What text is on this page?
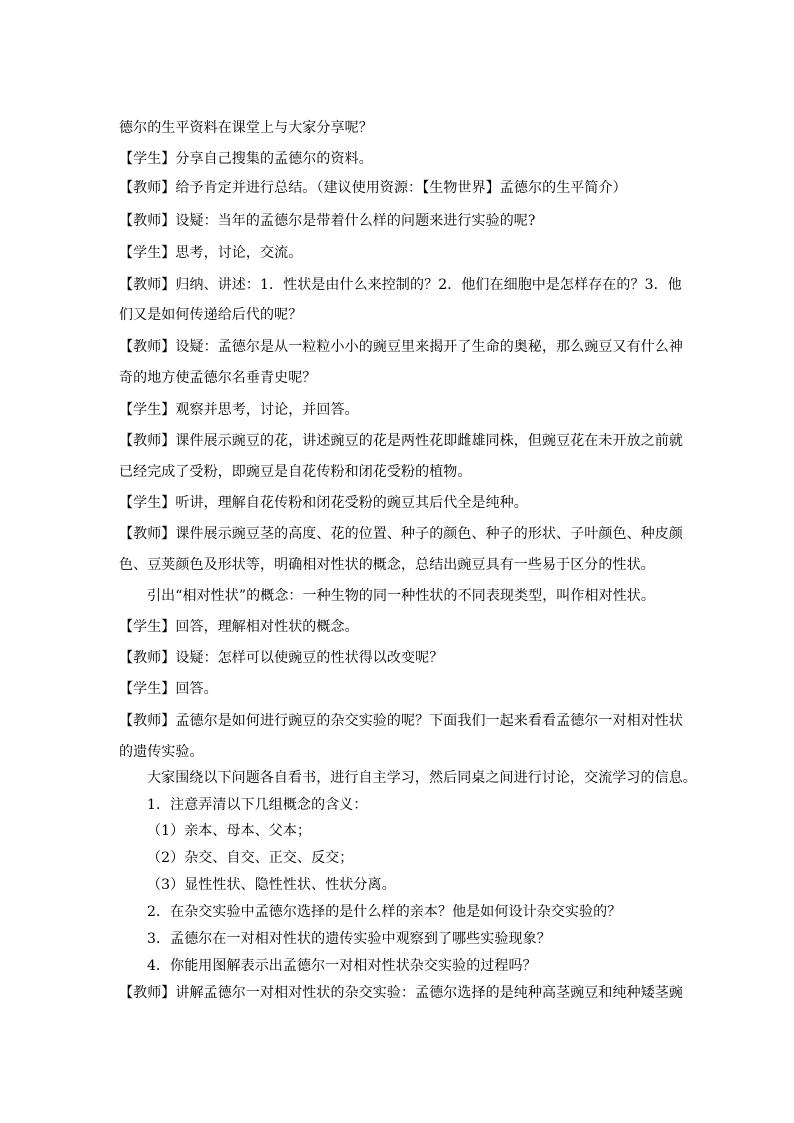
德尔的生平资料在课堂上与大家分享呢？
【学生】分享自己搜集的孟德尔的资料。
【教师】给予肯定并进行总结。（建议使用资源：【生物世界】孟德尔的生平简介）
【教师】设疑：当年的孟德尔是带着什么样的问题来进行实验的呢?
【学生】思考，讨论，交流。
【教师】归纳、讲述：1．性状是由什么来控制的？2．他们在细胞中是怎样存在的？3．他
们又是如何传递给后代的呢？
【教师】设疑：孟德尔是从一粒粒小小的豌豆里来揭开了生命的奥秘，那么豌豆又有什么神
奇的地方使孟德尔名垂青史呢？
【学生】观察并思考，讨论，并回答。
【教师】课件展示豌豆的花，讲述豌豆的花是两性花即雌雄同株，但豌豆花在未开放之前就
已经完成了受粉，即豌豆是自花传粉和闭花受粉的植物。
【学生】听讲，理解自花传粉和闭花受粉的豌豆其后代全是纯种。
【教师】课件展示豌豆茎的高度、花的位置、种子的颜色、种子的形状、子叶颜色、种皮颜
色、豆荚颜色及形状等，明确相对性状的概念，总结出豌豆具有一些易于区分的性状。
引出“相对性状”的概念：一种生物的同一种性状的不同表现类型，叫作相对性状。
【学生】回答，理解相对性状的概念。
【教师】设疑：怎样可以使豌豆的性状得以改变呢？
【学生】回答。
【教师】孟德尔是如何进行豌豆的杂交实验的呢？下面我们一起来看看孟德尔一对相对性状
的遗传实验。
大家围绕以下问题各自看书，进行自主学习，然后同桌之间进行讨论，交流学习的信息。
1．注意弄清以下几组概念的含义：
（1）亲本、母本、父本；
（2）杂交、自交、正交、反交；
（3）显性性状、隐性性状、性状分离。
2．在杂交实验中孟德尔选择的是什么样的亲本？他是如何设计杂交实验的？
3．孟德尔在一对相对性状的遗传实验中观察到了哪些实验现象？
4．你能用图解表示出孟德尔一对相对性状杂交实验的过程吗？
【教师】讲解孟德尔一对相对性状的杂交实验：孟德尔选择的是纯种高茎豌豆和纯种矮茎豌
